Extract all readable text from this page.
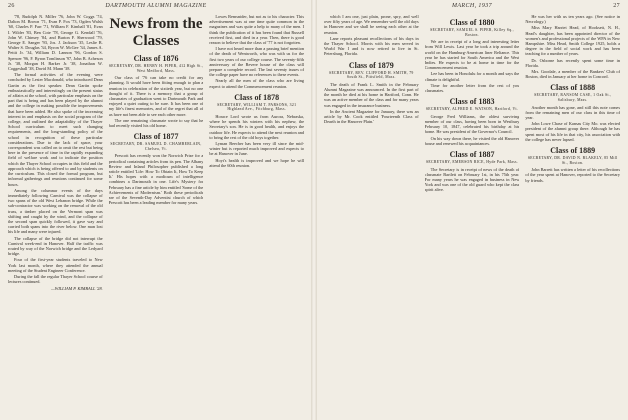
26	DARTMOUTH ALUMNI MAGAZINE

'78, Rudolph N. Miller '76, John W. Coggs '74, Dalton M. Brown '71, Evan P. Fox '73, Ogden Walsh '60, Charles P. Farr '71, William F. Kimball '81, Evan I. Wilder '83, Ben Cote '78, George G. Kendall '76, John W. Chinsey '84, and Burton F. Sherwood '79, George E. Sanger '93, Jos. J. Jackson '35, Leslie B. Walter S. Douglas '34, Byron W. McGee '34, James A. Pettit Jr. '34, William D. Lannon '96, Gordon S. Spencer '96, F. Byron Tomlinson '97, John B. Acheson Jr. '38, Morgan H. Barker Jr. '38, Jonathan W. Coggeshall '38, David M. Mann '38.

The formal activities of the evening were concluded by Lester Macdonald, who introduced Dean Gartin as the first speaker. Dean Gartin spoke enthusiastically and interestingly on the present status of affairs at the school, with particular emphasis on the part that is being and has been played by the alumni and the college in making possible the improvements that have been added. He also spoke of the increasing interest in and emphasis on the social program of the college, and outlined the adaptability of the Thayer School curriculum to meet such changing requirements, and the long-standing policy of the school in recognition of these particular considerations. Due to the lack of space, your correspondent was called on to omit the rest but being here in the presence of time in the rapidly expanding field of welfare work and to indicate the position which the Thayer School occupies in this field and the approach which is being offered to and by students on the curriculum. This closed the formal program, but informal gatherings and reunions continued for some hours.

Among the columnar events of the days immediately following Carnival was the collapse of two spans of the old West Lebanon bridge. While the sub-contractor was working on the removal of the old truss, a timber placed on the Vermont span was shifting and caught by the wind, and the collapse of the second span quickly followed, it gave way and carried both spans into the river below. One man lost his life and many were injured.

The collapse of the bridge did not interrupt the Carnival week-end in Hanover. Half the traffic was routed by way of the Norwich bridge and the Ledyard bridge.

Four of the first-year students traveled to New York last month, where they attended the annual meeting of the Student Engineer Conference.

During the fall the regular Thayer School course of lectures continued.

—WILLIAM P. KIMBALL '28.
News from the Classes
Class of 1876
SECRETARY, DR. HENRY H. PIPER, 412 High St., West Medford, Mass.

Our class of '76 can take no credit for any planning. It would have been fitting enough to plan a reunion in celebration of the sixtieth year, but no one thought of it. There is a memory that a group of classmates of graduation went to Dartmouth Park and enjoyed a quiet outing to be sure. It has been one of my life's finest memories, and of the regret that all of us have not been able to see each other more.

The one remaining classmate wrote to say that he had recently visited his old home.

Class of 1877
SECRETARY, DR. SAMUEL D. CHAMBERLAIN, Chelsea, Vt.

Prescott has recently won the Norwich Prize for a periodical containing articles from its pen. The Albany Review and Inland Philosopher published a long article entitled 'Life: How To Obtain It, How To Keep It.' His hopes with a modicum of intelligence combines a Dartmouth in one. Life's Mystery for February has a fine article by him entitled 'Some of the Achievements of Modernism.' Both these periodicals are of the Seventh-Day Adventist church of which Prescott has been a leading member for many years.

Lowes Remsnider, but not as to his character. This advertisement was at one time quite common in the magazines and was quite a help to many of the men. I think the publication of it has been found that Russell received first, and died in a year. Then, there is good reason to believe that the class of '77 is not forgotten.

I have not heard more than a passing brief mention of the death of Wentworth, who was with us for the first two years of our college course. The seventy-fifth anniversary of the Revere house of the class will prepare a complete record. The last seventy issues of the college paper have no references to these events.

Nearly all the men of the class who are living expect to attend the Commencement reunion.

Class of 1878
SECRETARY, WILLIAM T. PARSONS, 321 Highland Ave., Fitchburg, Mass.

Horace Lord wrote us from Aurora, Nebraska, where he spends his winters with his nephew, the Secretary's son. He is in good health, and enjoys the outdoor life. He expects to attend the next reunion and to bring the rest of the old boys together.

Lyman Beecher has been very ill since the mid-winter but is reported much improved and expects to be at Hanover in June.

Hoyt's health is improved and we hope he will attend the 60th reunion.

MARCH, 1937	27

which I am one, just plain, prone, spry, and well over fifty years of age. We remember well the old days in Hanover and we shall be seeing each other at the reunion.

Lane reports pleasant recollections of his days in the Thayer School. Morris with his men served in World War I and is now retired to live in St. Petersburg, Florida.

Class of 1879
SECRETARY, REV. CLIFFORD H. SMITH, 79 South St., Pittsfield, Mass.

The death of Frank L. Smith in the February Alumni Magazine was announced. In the first part of the month he died at his home in Hartford, Conn. He was an active member of the class and for many years was engaged in the insurance business.

In the Ancient Magazine for January, there was an article by Mr. Cook entitled 'Fourteenth Class of Dearth in the Hanover Plain.'

Class of 1880
SECRETARY, SAMUEL S. PIPER, Killey Sq., Boston.

We are in receipt of a long and interesting letter from Will Lewis. Last year he took a trip around the world on the Hamburg-American liner Reliance. This year he has started for South America and the West Indies. He expects to be at home in time for the Commencement reunion.

Lee has been in Honolulu for a month and says the climate is delightful.

Time for another letter from the rest of you classmates.

Class of 1883
SECRETARY, ALFRED E. WATSON, Hartford, Vt.

George Fred Williams, the oldest surviving member of our class, having been born in Westbury February 10, 1847, celebrated his birthday at his home. He was president of the Governor's Council.

On his way down there, he visited the old Hanover house and renewed his acquaintances.

Class of 1887
SECRETARY, EMERSON RICE, Hyde Park, Mass.

The Secretary is in receipt of news of the death of classmate Bartlett on February 1st, in his 75th year. For many years he was engaged in business in New York and was one of the old guard who kept the class spirit alive.

He was her with us ten years ago. (See notice in Necrology.)

Miss Mary Harriet Head, of Hooksett, N. H., Head's daughter, has been appointed director of the women's and professional projects of the WPA in New Hampshire. Miss Head, Smith College 1925, holds a degree in the field of social work and has been teaching for a number of years.

Dr. Osborne has recently spent some time in Florida.

Mrs. Goodale, a member of the Bankers' Club of Boston, died in January at her home in Concord.

Class of 1888
SECRETARY, RANSOM CASE, 1 Oak St., Salisbury, Mass.

Another month has gone, and still this note comes from the remaining men of our class in this time of year.

John Lowe Chase of Kansas City Mo. was elected president of the alumni group there. Although he has spent most of his life in that city, his association with the college has never lapsed.

Class of 1889
SECRETARY, DR. DAVID N. BLAKELY, 85 Mill St., Boston.

John Barrett has written a letter of his recollections of the year spent at Hanover, reported to the Secretary by friends.
